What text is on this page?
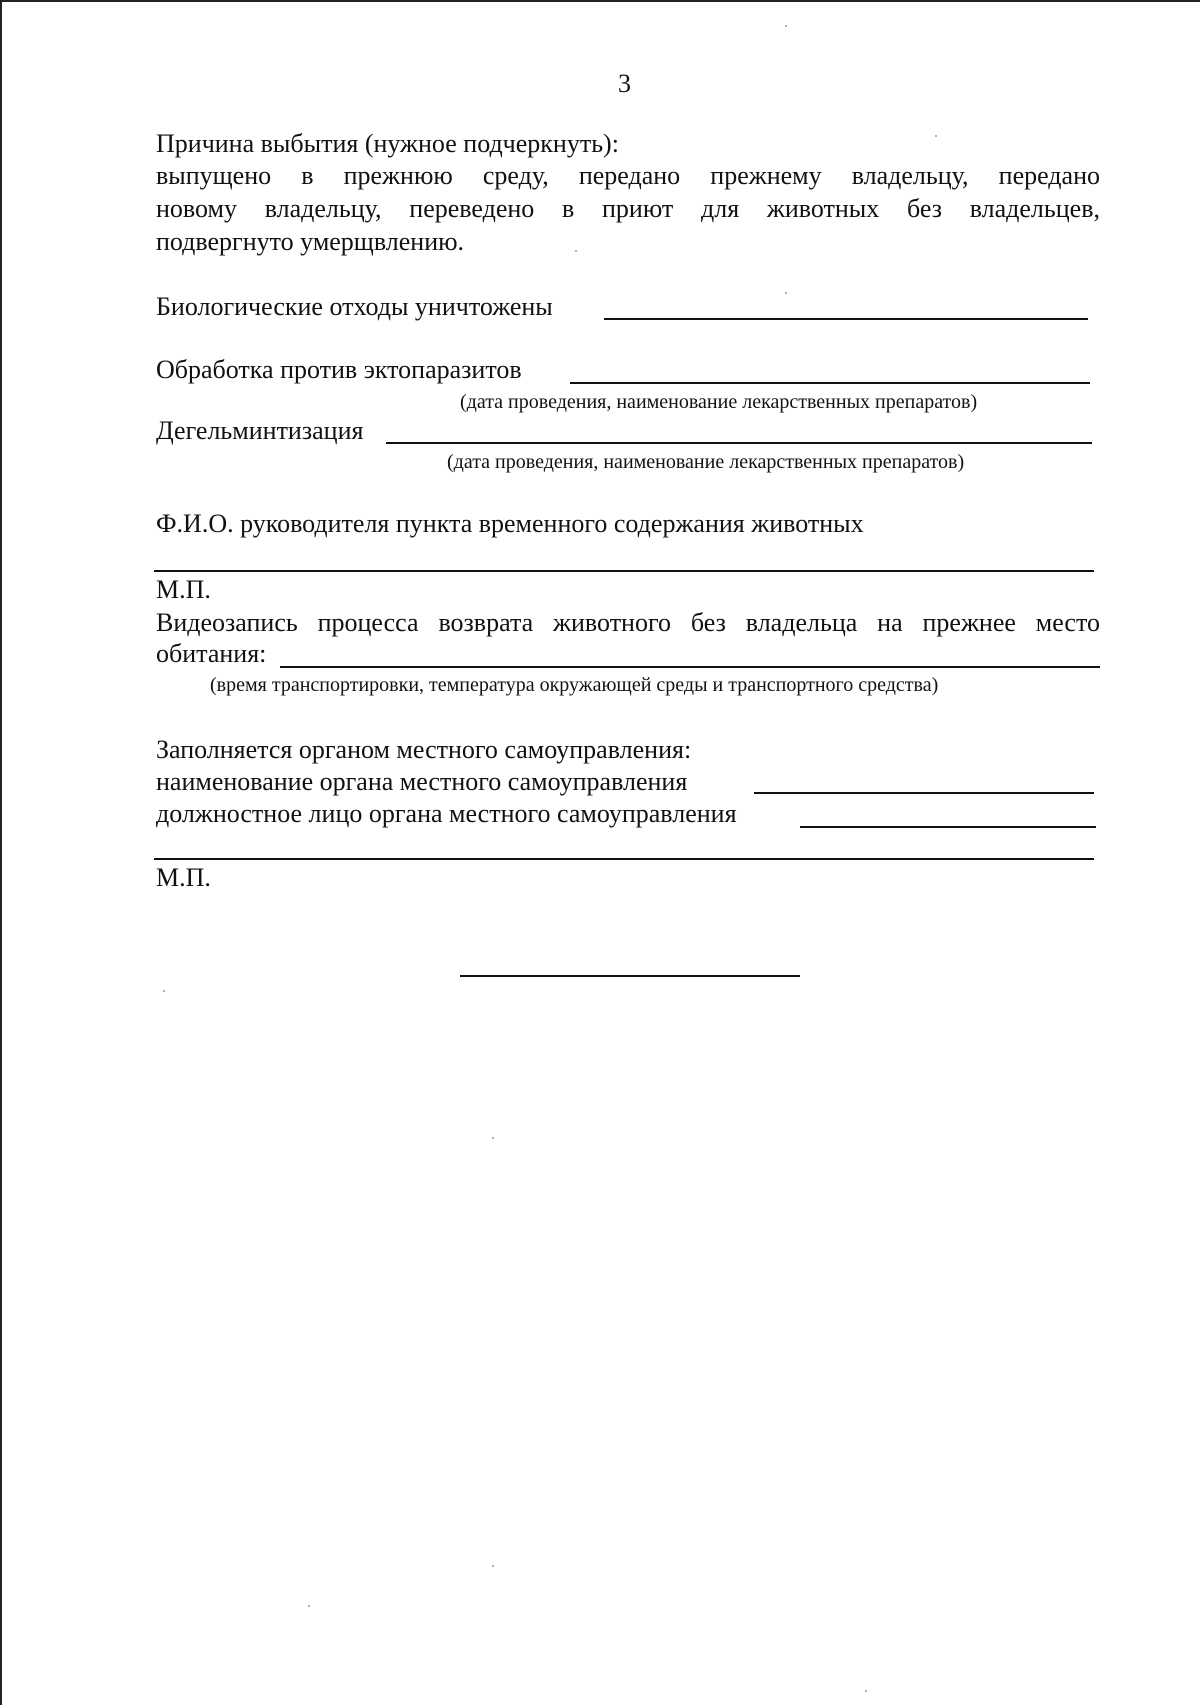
3
Причина выбытия (нужное подчеркнуть):
выпущено в прежнюю среду, передано прежнему владельцу, передано
новому владельцу, переведено в приют для животных без владельцев,
подвергнуто умерщвлению.
Биологические отходы уничтожены
Обработка против эктопаразитов
(дата проведения, наименование лекарственных препаратов)
Дегельминтизация
(дата проведения, наименование лекарственных препаратов)
Ф.И.О. руководителя пункта временного содержания животных
М.П.
Видеозапись процесса возврата животного без владельца на прежнее место
обитания:
(время транспортировки, температура окружающей среды и транспортного средства)
Заполняется органом местного самоуправления:
наименование органа местного самоуправления
должностное лицо органа местного самоуправления
М.П.
